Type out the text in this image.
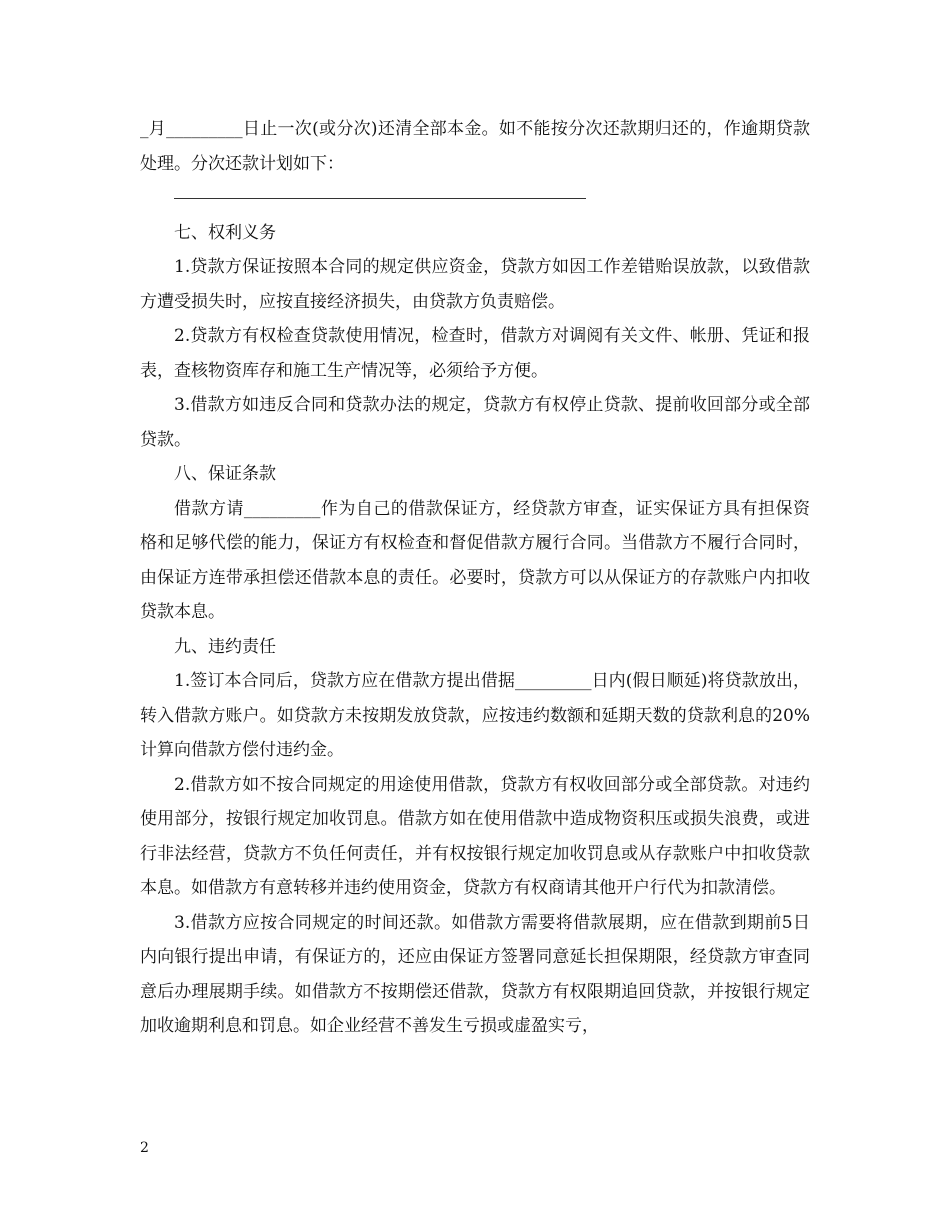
_月_________日止一次(或分次)还清全部本金。如不能按分次还款期归还的，作逾期贷款处理。分次还款计划如下：

七、权利义务

1.贷款方保证按照本合同的规定供应资金，贷款方如因工作差错贻误放款，以致借款方遭受损失时，应按直接经济损失，由贷款方负责赔偿。

2.贷款方有权检查贷款使用情况，检查时，借款方对调阅有关文件、帐册、凭证和报表，查核物资库存和施工生产情况等，必须给予方便。

3.借款方如违反合同和贷款办法的规定，贷款方有权停止贷款、提前收回部分或全部贷款。

八、保证条款

借款方请_________作为自己的借款保证方，经贷款方审查，证实保证方具有担保资格和足够代偿的能力，保证方有权检查和督促借款方履行合同。当借款方不履行合同时，由保证方连带承担偿还借款本息的责任。必要时，贷款方可以从保证方的存款账户内扣收贷款本息。

九、违约责任

1.签订本合同后，贷款方应在借款方提出借据_________日内(假日顺延)将贷款放出，转入借款方账户。如贷款方未按期发放贷款，应按违约数额和延期天数的贷款利息的20%计算向借款方偿付违约金。

2.借款方如不按合同规定的用途使用借款，贷款方有权收回部分或全部贷款。对违约使用部分，按银行规定加收罚息。借款方如在使用借款中造成物资积压或损失浪费，或进行非法经营，贷款方不负任何责任，并有权按银行规定加收罚息或从存款账户中扣收贷款本息。如借款方有意转移并违约使用资金，贷款方有权商请其他开户行代为扣款清偿。

3.借款方应按合同规定的时间还款。如借款方需要将借款展期，应在借款到期前5日内向银行提出申请，有保证方的，还应由保证方签署同意延长担保期限，经贷款方审查同意后办理展期手续。如借款方不按期偿还借款，贷款方有权限期追回贷款，并按银行规定加收逾期利息和罚息。如企业经营不善发生亏损或虚盈实亏，

2
